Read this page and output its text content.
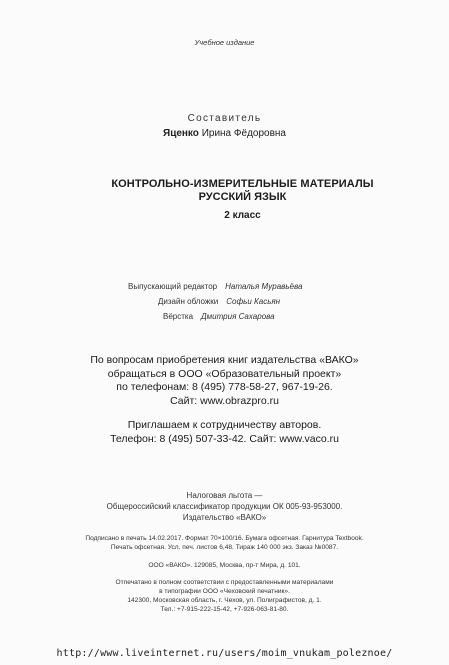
Учебное издание
Составитель
Яценко Ирина Фёдоровна
КОНТРОЛЬНО-ИЗМЕРИТЕЛЬНЫЕ МАТЕРИАЛЫ
РУССКИЙ ЯЗЫК
2 класс
Выпускающий редактор Наталья Муравьёва
Дизайн обложки Софьи Касьян
Вёрстка Дмитрия Сахарова
По вопросам приобретения книг издательства «ВАКО»
обращаться в ООО «Образовательный проект»
по телефонам: 8 (495) 778-58-27, 967-19-26.
Сайт: www.obrazpro.ru
Приглашаем к сотрудничеству авторов.
Телефон: 8 (495) 507-33-42. Сайт: www.vaco.ru
Налоговая льгота —
Общероссийский классификатор продукции ОК 005-93-953000.
Издательство «ВАКО»
Подписано в печать 14.02.2017. Формат 70×100/16. Бумага офсетная. Гарнитура Textbook.
Печать офсетная. Усл. печ. листов 6,48. Тираж 140 000 экз. Заказ №0087.
ООО «ВАКО». 129085, Москва, пр-т Мира, д. 101.
Отпечатано в полном соответствии с предоставленными материалами
в типографии ООО «Чеховский печатник».
142300, Московская область, г. Чехов, ул. Полиграфистов, д. 1.
Тел.: +7-915-222-15-42, +7-926-063-81-80.
http://www.liveinternet.ru/users/moim_vnukam_poleznoe/
